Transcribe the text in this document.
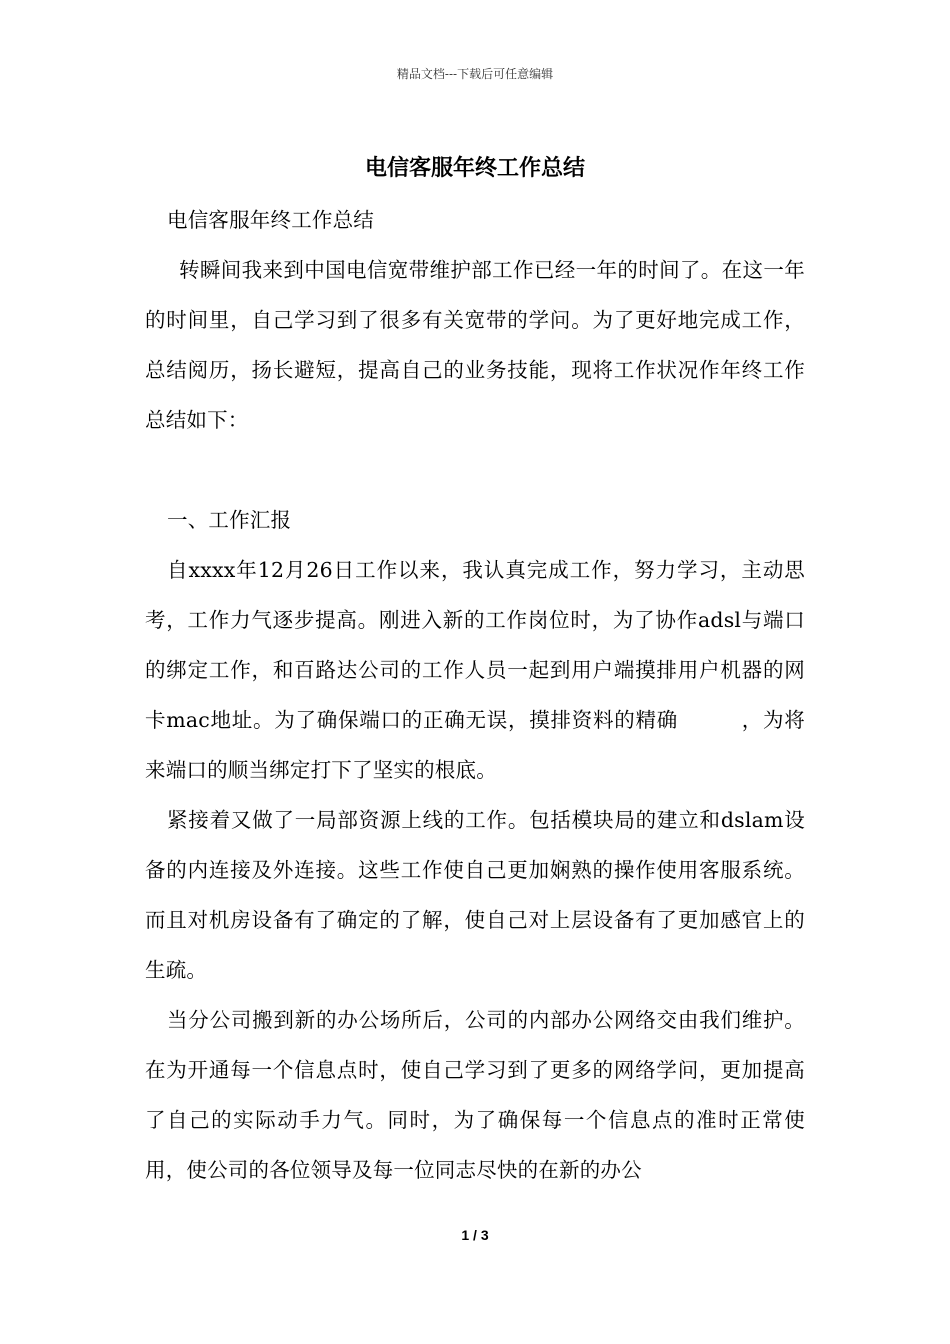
精品文档---下载后可任意编辑
电信客服年终工作总结

电信客服年终工作总结

转瞬间我来到中国电信宽带维护部工作已经一年的时间了。在这一年的时间里，自己学习到了很多有关宽带的学问。为了更好地完成工作，总结阅历，扬长避短，提高自己的业务技能，现将工作状况作年终工作总结如下：

一、工作汇报

自xxxx年12月26日工作以来，我认真完成工作，努力学习，主动思考，工作力气逐步提高。刚进入新的工作岗位时，为了协作adsl与端口的绑定工作，和百路达公司的工作人员一起到用户端摸排用户机器的网卡mac地址。为了确保端口的正确无误，摸排资料的精确　　　，为将来端口的顺当绑定打下了坚实的根底。

紧接着又做了一局部资源上线的工作。包括模块局的建立和dslam设备的内连接及外连接。这些工作使自己更加娴熟的操作使用客服系统。而且对机房设备有了确定的了解，使自己对上层设备有了更加感官上的生疏。

当分公司搬到新的办公场所后，公司的内部办公网络交由我们维护。在为开通每一个信息点时，使自己学习到了更多的网络学问，更加提高了自己的实际动手力气。同时，为了确保每一个信息点的准时正常使用，使公司的各位领导及每一位同志尽快的在新的办公

1 / 3
